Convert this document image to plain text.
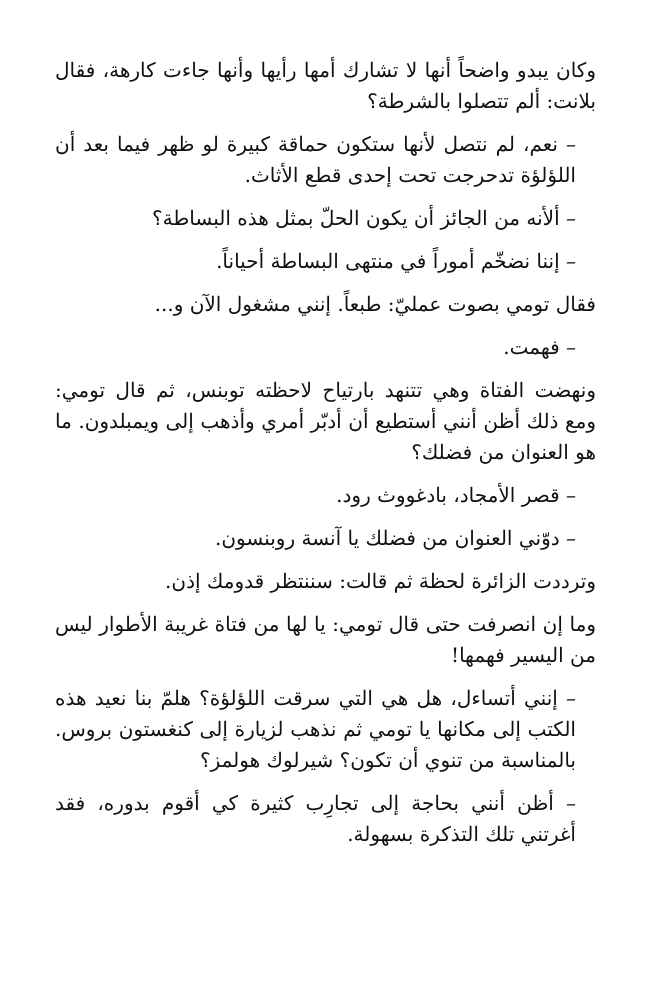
وكان يبدو واضحاً أنها لا تشارك أمها رأيها وأنها جاءت كارهة، فقال بلانت: ألم تتصلوا بالشرطة؟

– نعم، لم نتصل لأنها ستكون حماقة كبيرة لو ظهر فيما بعد أن اللؤلؤة تدحرجت تحت إحدى قطع الأثاث.

– ألأنه من الجائز أن يكون الحلّ بمثل هذه البساطة؟

– إننا نضخّم أموراً في منتهى البساطة أحياناً.

فقال تومي بصوت عمليّ: طبعاً. إنني مشغول الآن و...

– فهمت.

ونهضت الفتاة وهي تتنهد بارتياح لاحظته توبنس، ثم قال تومي: ومع ذلك أظن أنني أستطيع أن أدبّر أمري وأذهب إلى ويمبلدون. ما هو العنوان من فضلك؟

– قصر الأمجاد، بادغووث رود.

– دوّني العنوان من فضلك يا آنسة روبنسون.

وترددت الزائرة لحظة ثم قالت: سننتظر قدومك إذن.

وما إن انصرفت حتى قال تومي: يا لها من فتاة غريبة الأطوار ليس من اليسير فهمها!

– إنني أتساءل، هل هي التي سرقت اللؤلؤة؟ هلمّ بنا نعيد هذه الكتب إلى مكانها يا تومي ثم نذهب لزيارة إلى كنغستون بروس. بالمناسبة من تنوي أن تكون؟ شيرلوك هولمز؟

– أظن أنني بحاجة إلى تجارِب كثيرة كي أقوم بدوره، فقد أغرتني تلك التذكرة بسهولة.
